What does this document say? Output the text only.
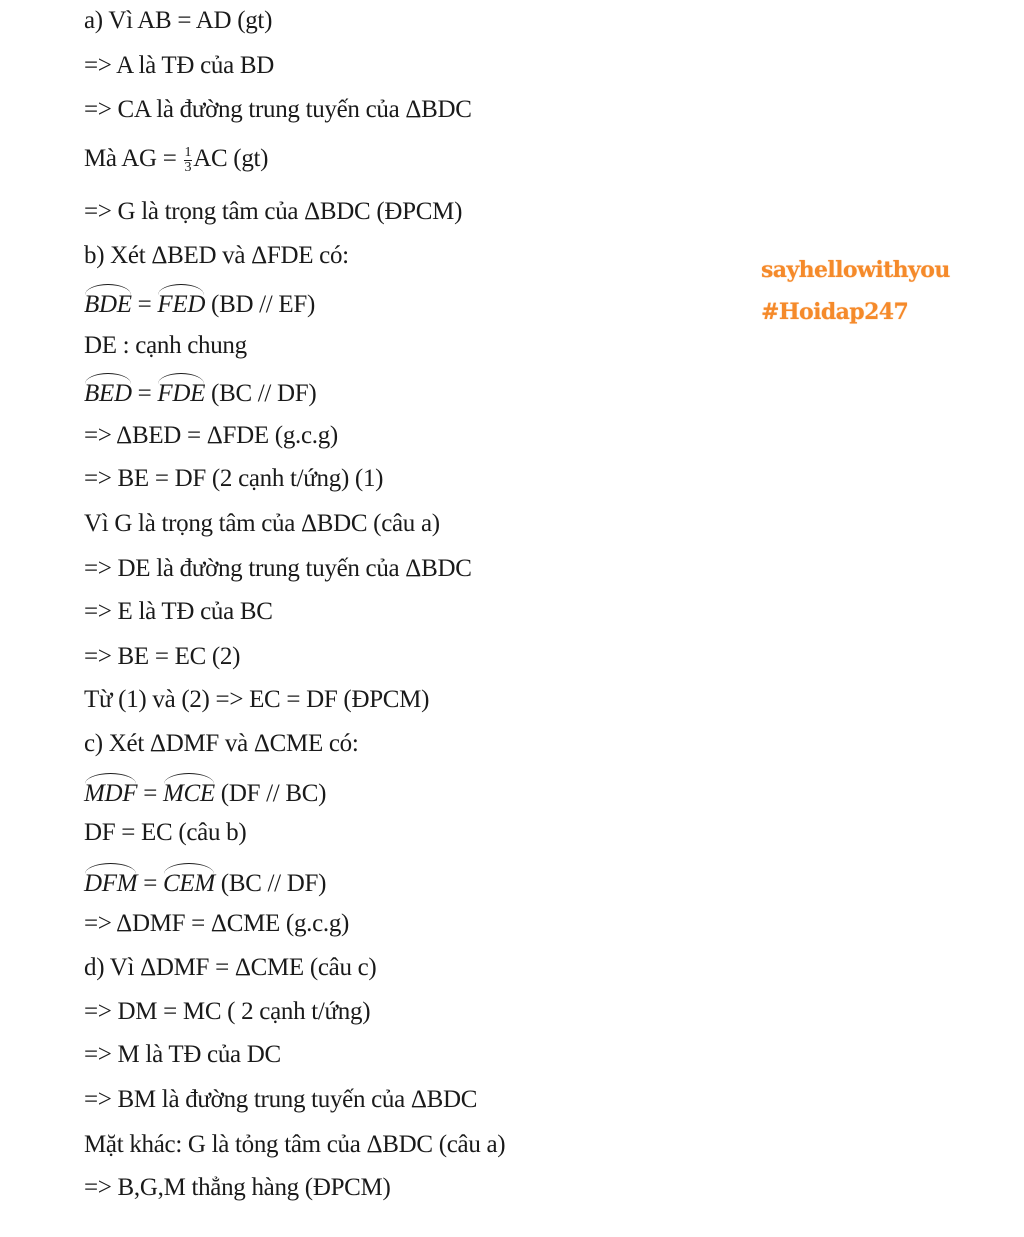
a) Vì AB = AD (gt)
=> A là TĐ của BD
=> CA là đường trung tuyến của ΔBDC
Mà AG = $\frac{1}{3}$ AC (gt)
=> G là trọng tâm của ΔBDC (ĐPCM)
b) Xét ΔBED và ΔFDE có:
BDE = FED (BD // EF)
DE : cạnh chung
BED = FDE (BC // DF)
=> ΔBED = ΔFDE (g.c.g)
=> BE = DF (2 cạnh t/ứng) (1)
Vì G là trọng tâm của ΔBDC (câu a)
=> DE là đường trung tuyến của ΔBDC
=> E là TĐ của BC
=> BE = EC (2)
Từ (1) và (2) => EC = DF (ĐPCM)
c) Xét ΔDMF và ΔCME có:
MDF = MCE (DF // BC)
DF = EC (câu b)
DFM = CEM (BC // DF)
=> ΔDMF = ΔCME (g.c.g)
d) Vì ΔDMF = ΔCME (câu c)
=> DM = MC ( 2 cạnh t/ứng)
=> M là TĐ của DC
=> BM là đường trung tuyến của ΔBDC
Mặt khác: G là tỏng tâm của ΔBDC (câu a)
=> B,G,M thẳng hàng (ĐPCM)
sayhellowithyou
#Hoidap247
